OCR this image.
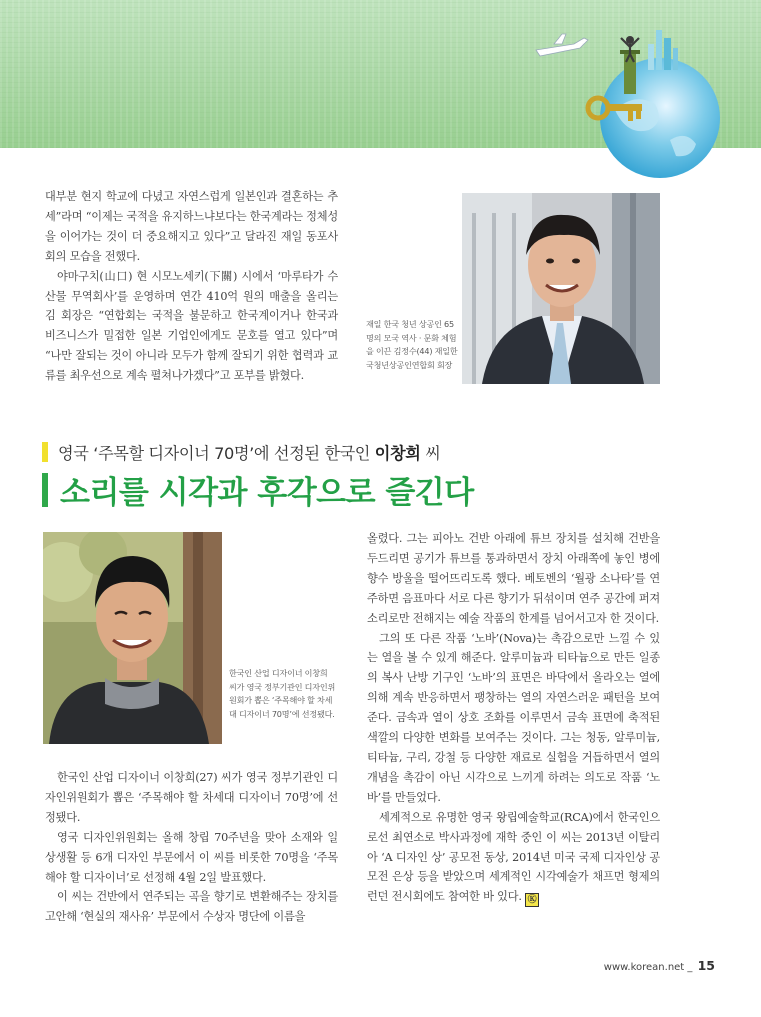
대부분 현지 학교에 다녔고 자연스럽게 일본인과 결혼하는 추세”라며 “이제는 국적을 유지하느냐보다는 한국계라는 정체성을 이어가는 것이 더 중요해지고 있다”고 달라진 재일 동포사회의 모습을 전했다.

야마구치(山口) 현 시모노세키(下關) 시에서 ‘마루타가 수산물 무역회사’를 운영하며 연간 410억 원의 매출을 올리는 김 회장은 “연합회는 국적을 불문하고 한국계이거나 한국과 비즈니스가 밀접한 일본 기업인에게도 문호를 열고 있다”며 “나만 잘되는 것이 아니라 모두가 함께 잘되기 위한 협력과 교류를 최우선으로 계속 펼쳐나가겠다”고 포부를 밝혔다.

재일 한국 청년 상공인 65명의 모국 역사 · 문화 체험을 이끈 김정수(44) 재일한국청년상공인연합회 회장
영국 ‘주목할 디자이너 70명’에 선정된 한국인 이창희 씨
소리를 시각과 후각으로 즐긴다
한국인 산업 디자이너 이창희 씨가 영국 정부기관인 디자인위원회가 뽑은 ‘주목해야 할 차세대 디자이너 70명’에 선정됐다.

한국인 산업 디자이너 이창희(27) 씨가 영국 정부기관인 디자인위원회가 뽑은 ‘주목해야 할 차세대 디자이너 70명’에 선정됐다.

영국 디자인위원회는 올해 창립 70주년을 맞아 소재와 일상생활 등 6개 디자인 부문에서 이 씨를 비롯한 70명을 ‘주목해야 할 디자이너’로 선정해 4월 2일 발표했다.

이 씨는 건반에서 연주되는 곡을 향기로 변환해주는 장치를 고안해 ‘현실의 재사유’ 부문에서 수상자 명단에 이름을

올렸다. 그는 피아노 건반 아래에 튜브 장치를 설치해 건반을 두드리면 공기가 튜브를 통과하면서 장치 아래쪽에 놓인 병에 향수 방울을 떨어뜨리도록 했다. 베토벤의 ‘월광 소나타’를 연주하면 음표마다 서로 다른 향기가 뒤섞이며 연주 공간에 퍼져 소리로만 전해지는 예술 작품의 한계를 넘어서고자 한 것이다.

그의 또 다른 작품 ‘노바’(Nova)는 촉감으로만 느낄 수 있는 열을 볼 수 있게 해준다. 알루미늄과 티타늄으로 만든 일종의 복사 난방 기구인 ‘노바’의 표면은 바닥에서 올라오는 열에 의해 계속 반응하면서 팽창하는 열의 자연스러운 패턴을 보여준다. 금속과 열이 상호 조화를 이루면서 금속 표면에 축적된 색깔의 다양한 변화를 보여주는 것이다. 그는 청동, 알루미늄, 티타늄, 구리, 강철 등 다양한 재료로 실험을 거듭하면서 열의 개념을 촉감이 아닌 시각으로 느끼게 하려는 의도로 작품 ‘노바’를 만들었다.

세계적으로 유명한 영국 왕립예술학교(RCA)에서 한국인으로선 최연소로 박사과정에 재학 중인 이 씨는 2013년 이탈리아 ‘A 디자인 상’ 공모전 동상, 2014년 미국 국제 디자인상 공모전 은상 등을 받았으며 세계적인 시각예술가 채프먼 형제의 런던 전시회에도 참여한 바 있다. Ⓚ

www.korean.net _ 15
